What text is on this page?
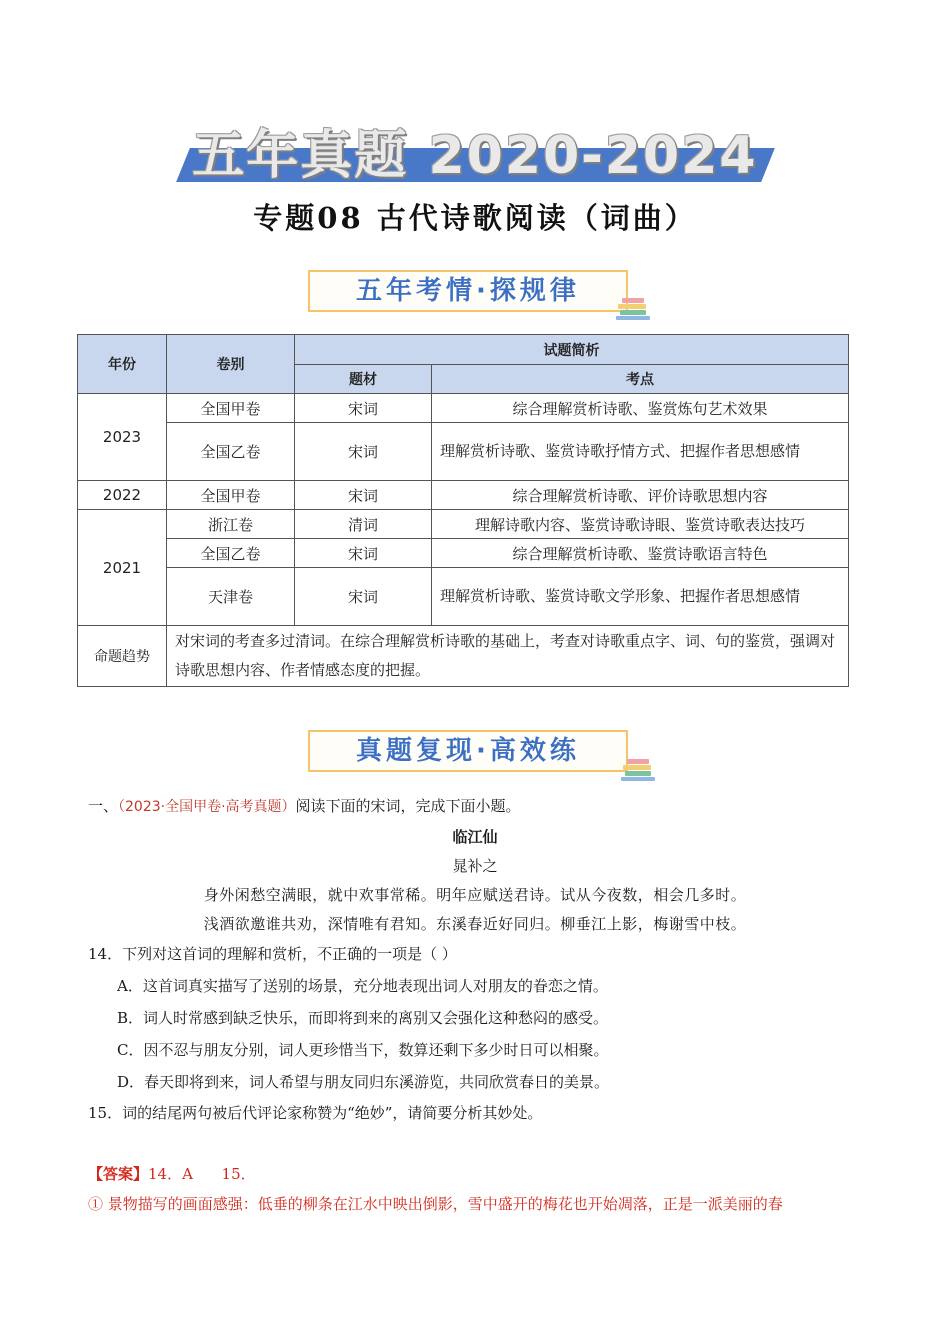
五年真题 2020-2024
专题08 古代诗歌阅读（词曲）
五年考情·探规律
年份	卷别	试题简析	
		题材	考点
2023	全国甲卷	宋词	综合理解赏析诗歌、鉴赏炼句艺术效果
	全国乙卷	宋词	理解赏析诗歌、鉴赏诗歌抒情方式、把握作者思想感情
2022	全国甲卷	宋词	综合理解赏析诗歌、评价诗歌思想内容
2021	浙江卷	清词	理解诗歌内容、鉴赏诗歌诗眼、鉴赏诗歌表达技巧
	全国乙卷	宋词	综合理解赏析诗歌、鉴赏诗歌语言特色
	天津卷	宋词	理解赏析诗歌、鉴赏诗歌文学形象、把握作者思想感情
命题趋势	对宋词的考查多过清词。在综合理解赏析诗歌的基础上，考查对诗歌重点字、词、句的鉴赏，强调对诗歌思想内容、作者情感态度的把握。		
真题复现·高效练
一、（2023·全国甲卷·高考真题）阅读下面的宋词，完成下面小题。
临江仙
晁补之
身外闲愁空满眼，就中欢事常稀。明年应赋送君诗。试从今夜数，相会几多时。
浅酒欲邀谁共劝，深情唯有君知。东溪春近好同归。柳垂江上影，梅谢雪中枝。
14．下列对这首词的理解和赏析，不正确的一项是（ ）
A．这首词真实描写了送别的场景，充分地表现出词人对朋友的眷恋之情。
B．词人时常感到缺乏快乐，而即将到来的离别又会强化这种愁闷的感受。
C．因不忍与朋友分别，词人更珍惜当下，数算还剩下多少时日可以相聚。
D．春天即将到来，词人希望与朋友同归东溪游览，共同欣赏春日的美景。
15．词的结尾两句被后代评论家称赞为“绝妙”，请简要分析其妙处。
【答案】14．A      15．
① 景物描写的画面感强：低垂的柳条在江水中映出倒影，雪中盛开的梅花也开始凋落，正是一派美丽的春
